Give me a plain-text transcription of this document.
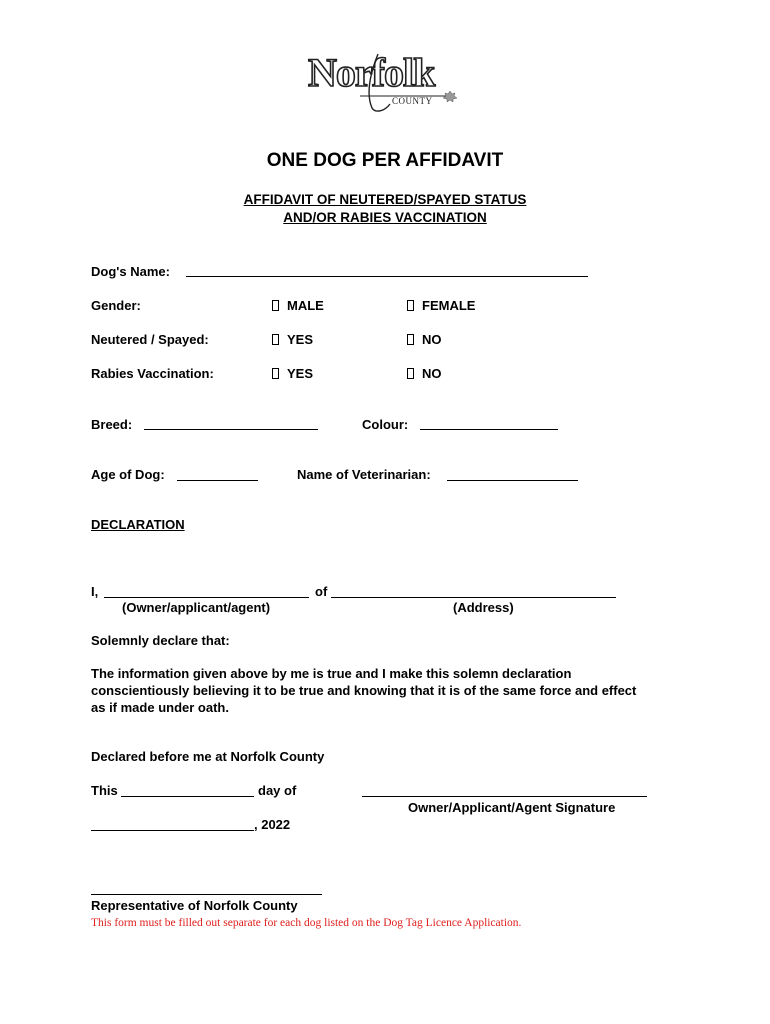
Norfolk
COUNTY
ONE DOG PER AFFIDAVIT
AFFIDAVIT OF NEUTERED/SPAYED STATUS
AND/OR RABIES VACCINATION
Dog's Name:
Gender:	MALE	FEMALE
Neutered / Spayed:	YES	NO
Rabies Vaccination:	YES	NO
Breed:	Colour:
Age of Dog:	Name of Veterinarian:
DECLARATION
I,	of
(Owner/applicant/agent)	(Address)
Solemnly declare that:
The information given above by me is true and I make this solemn declaration
conscientiously believing it to be true and knowing that it is of the same force and effect
as if made under oath.
Declared before me at Norfolk County
This	day of
Owner/Applicant/Agent Signature
, 2022
Representative of Norfolk County
This form must be filled out separate for each dog listed on the Dog Tag Licence Application.
